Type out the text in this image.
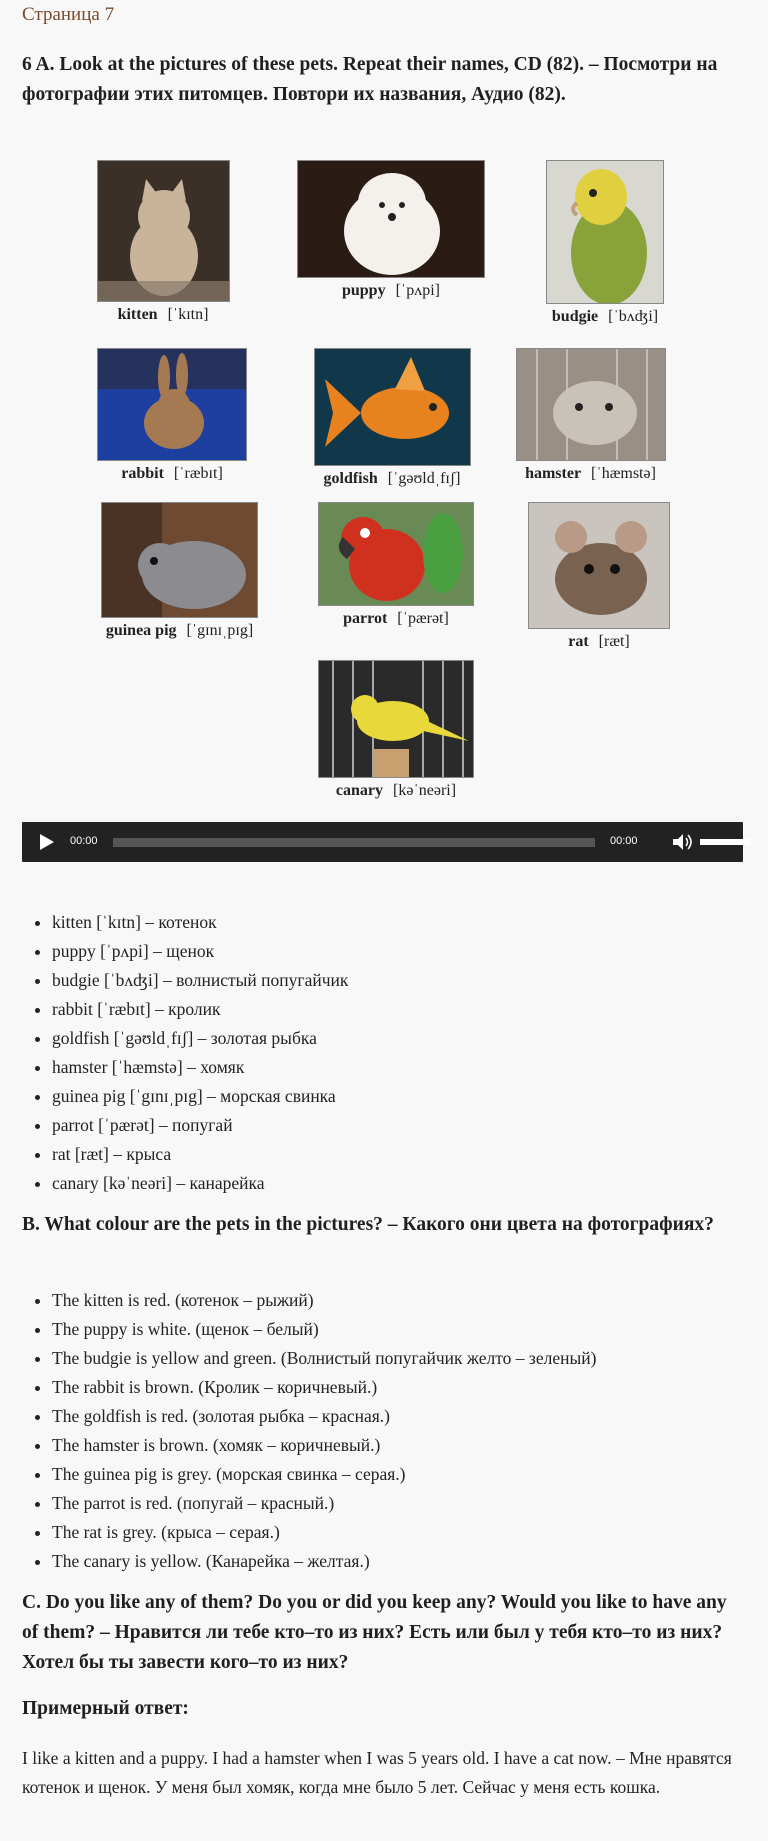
Страница 7
6 A. Look at the pictures of these pets. Repeat their names, CD (82). – Посмотри на фотографии этих питомцев. Повтори их названия, Аудио (82).
kitten [ˈkɪtn]
puppy [ˈpʌpi]
budgie [ˈbʌʤi]
rabbit [ˈræbɪt]	goldfish [ˈgəʊldˌfɪʃ]	hamster [ˈhæmstə]
guinea pig [ˈgɪnɪˌpɪg]
parrot [ˈpærət]
rat [ræt]
canary [kəˈneəri]
00:00	00:00
• kitten [ˈkɪtn] – котенок
• puppy [ˈpʌpi] – щенок
• budgie [ˈbʌʤi] – волнистый попугайчик
• rabbit [ˈræbɪt] – кролик
• goldfish [ˈgəʊldˌfɪʃ] – золотая рыбка
• hamster [ˈhæmstə] – хомяк
• guinea pig [ˈgɪnɪˌpɪg] – морская свинка
• parrot [ˈpærət] – попугай
• rat [ræt] – крыса
• canary [kəˈneəri] – канарейка
B. What colour are the pets in the pictures? – Какого они цвета на фотографиях?
• The kitten is red. (котенок – рыжий)
• The puppy is white. (щенок – белый)
• The budgie is yellow and green. (Волнистый попугайчик желто – зеленый)
• The rabbit is brown. (Кролик – коричневый.)
• The goldfish is red. (золотая рыбка – красная.)
• The hamster is brown. (хомяк – коричневый.)
• The guinea pig is grey. (морская свинка – серая.)
• The parrot is red. (попугай – красный.)
• The rat is grey. (крыса – серая.)
• The canary is yellow. (Канарейка – желтая.)
C. Do you like any of them? Do you or did you keep any? Would you like to have any of them? – Нравится ли тебе кто–то из них? Есть или был у тебя кто–то из них? Хотел бы ты завести кого–то из них?
Примерный ответ:
I like a kitten and a puppy. I had a hamster when I was 5 years old. I have a cat now. – Мне нравятся котенок и щенок. У меня был хомяк, когда мне было 5 лет. Сейчас у меня есть кошка.
